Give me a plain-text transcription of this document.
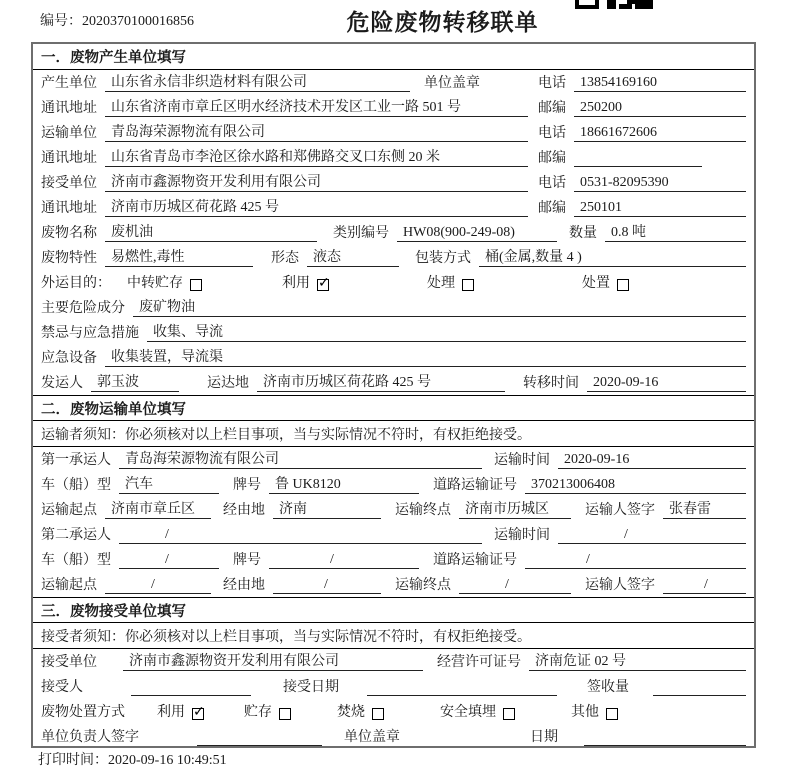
编号：2020370100016856	危险废物转移联单
一．废物产生单位填写
产生单位	山东省永信非织造材料有限公司	单位盖章	电话	13854169160
通讯地址	山东省济南市章丘区明水经济技术开发区工业一路 501 号	邮编	250200
运输单位	青岛海荣源物流有限公司	电话	18661672606
通讯地址	山东省青岛市李沧区徐水路和郑佛路交叉口东侧 20 米	邮编
接受单位	济南市鑫源物资开发利用有限公司	电话	0531-82095390
通讯地址	济南市历城区荷花路 425 号	邮编	250101
废物名称	废机油	类别编号	HW08(900-249-08)	数量	0.8 吨
废物特性	易燃性,毒性	形态	液态	包装方式	桶(金属,数量 4 )
外运目的：	中转贮存	利用 ✓	处理	处置
主要危险成分	废矿物油
禁忌与应急措施	收集、导流
应急设备	收集装置，导流渠
发运人	郭玉波	运达地	济南市历城区荷花路 425 号	转移时间	2020-09-16
二．废物运输单位填写
运输者须知： 你必须核对以上栏目事项，当与实际情况不符时，有权拒绝接受。
第一承运人	青岛海荣源物流有限公司	运输时间	2020-09-16
车（船）型	汽车	牌号	鲁 UK8120	道路运输证号	370213006408
运输起点	济南市章丘区	经由地	济南	运输终点	济南市历城区	运输人签字	张春雷
第二承运人	/	运输时间	/
车（船）型	/	牌号	/	道路运输证号	/
运输起点	/	经由地	/	运输终点	/	运输人签字	/
三．废物接受单位填写
接受者须知： 你必须核对以上栏目事项，当与实际情况不符时，有权拒绝接受。
接受单位	济南市鑫源物资开发利用有限公司	经营许可证号	济南危证 02 号
接受人	接受日期	签收量
废物处置方式	利用 ✓	贮存	焚烧	安全填埋	其他
单位负责人签字	单位盖章	日期
打印时间：2020-09-16 10:49:51
